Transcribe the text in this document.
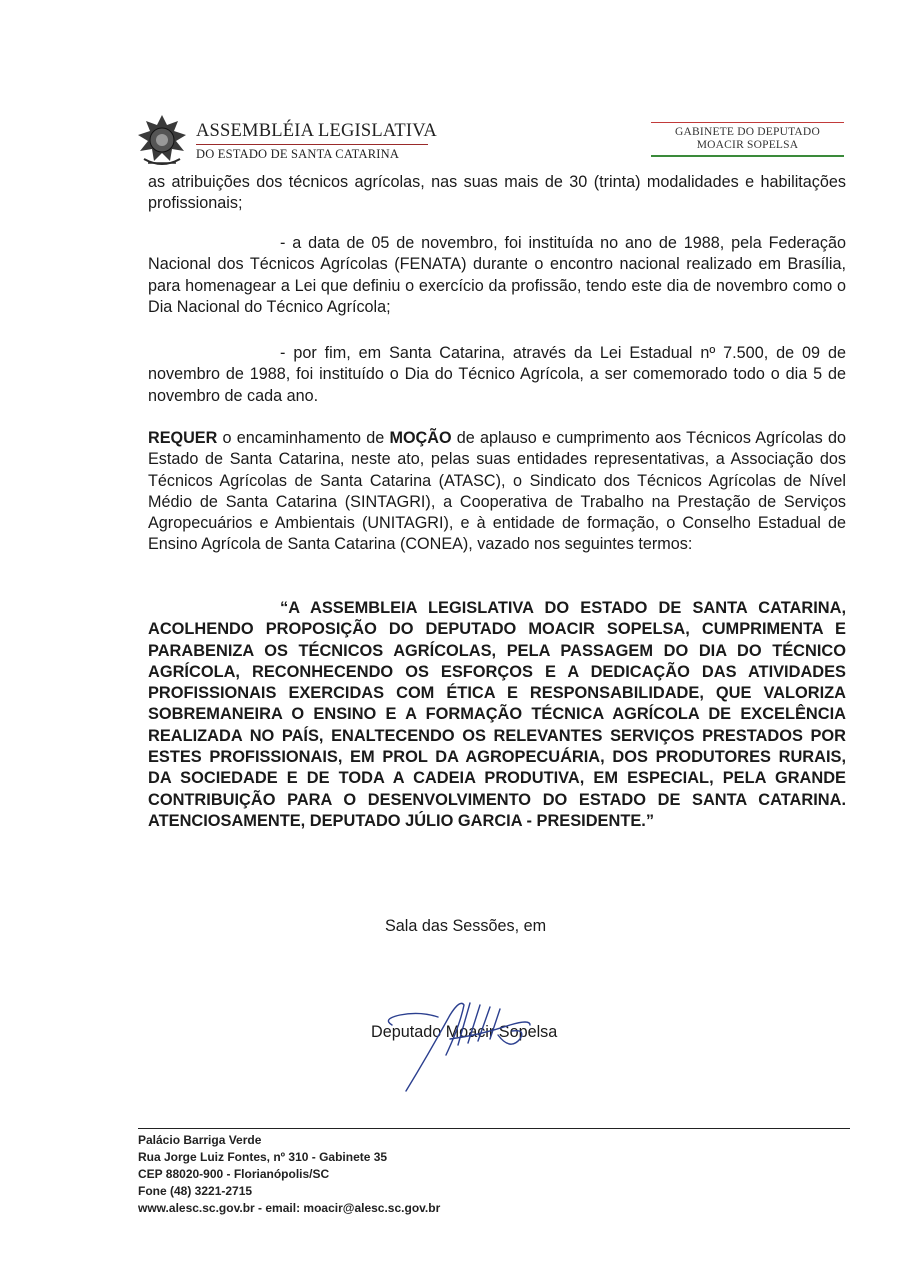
ASSEMBLÉIA LEGISLATIVA
DO ESTADO DE SANTA CATARINA
GABINETE DO DEPUTADO
MOACIR SOPELSA
as atribuições dos técnicos agrícolas, nas suas mais de 30 (trinta) modalidades e habilitações profissionais;
- a data de 05 de novembro, foi instituída no ano de 1988, pela Federação Nacional dos Técnicos Agrícolas (FENATA) durante o encontro nacional realizado em Brasília, para homenagear a Lei que definiu o exercício da profissão, tendo este dia de novembro como o Dia Nacional do Técnico Agrícola;
- por fim, em Santa Catarina, através da Lei Estadual nº 7.500, de 09 de novembro de 1988, foi instituído o Dia do Técnico Agrícola, a ser comemorado todo o dia 5 de novembro de cada ano.
REQUER o encaminhamento de MOÇÃO de aplauso e cumprimento aos Técnicos Agrícolas do Estado de Santa Catarina, neste ato, pelas suas entidades representativas, a Associação dos Técnicos Agrícolas de Santa Catarina (ATASC), o Sindicato dos Técnicos Agrícolas de Nível Médio de Santa Catarina (SINTAGRI), a Cooperativa de Trabalho na Prestação de Serviços Agropecuários e Ambientais (UNITAGRI), e à entidade de formação, o Conselho Estadual de Ensino Agrícola de Santa Catarina (CONEA), vazado nos seguintes termos:
“A ASSEMBLEIA LEGISLATIVA DO ESTADO DE SANTA CATARINA, ACOLHENDO PROPOSIÇÃO DO DEPUTADO MOACIR SOPELSA, CUMPRIMENTA E PARABENIZA OS TÉCNICOS AGRÍCOLAS, PELA PASSAGEM DO DIA DO TÉCNICO AGRÍCOLA, RECONHECENDO OS ESFORÇOS E A DEDICAÇÃO DAS ATIVIDADES PROFISSIONAIS EXERCIDAS COM ÉTICA E RESPONSABILIDADE, QUE VALORIZA SOBREMANEIRA O ENSINO E A FORMAÇÃO TÉCNICA AGRÍCOLA DE EXCELÊNCIA REALIZADA NO PAÍS, ENALTECENDO OS RELEVANTES SERVIÇOS PRESTADOS POR ESTES PROFISSIONAIS, EM PROL DA AGROPECUÁRIA, DOS PRODUTORES RURAIS, DA SOCIEDADE E DE TODA A CADEIA PRODUTIVA, EM ESPECIAL, PELA GRANDE CONTRIBUIÇÃO PARA O DESENVOLVIMENTO DO ESTADO DE SANTA CATARINA. ATENCIOSAMENTE, DEPUTADO JÚLIO GARCIA - PRESIDENTE.”
Sala das Sessões, em
Deputado Moacir Sopelsa
Palácio Barriga Verde
Rua Jorge Luiz Fontes, nº 310 - Gabinete 35
CEP 88020-900 - Florianópolis/SC
Fone (48) 3221-2715
www.alesc.sc.gov.br - email: moacir@alesc.sc.gov.br
